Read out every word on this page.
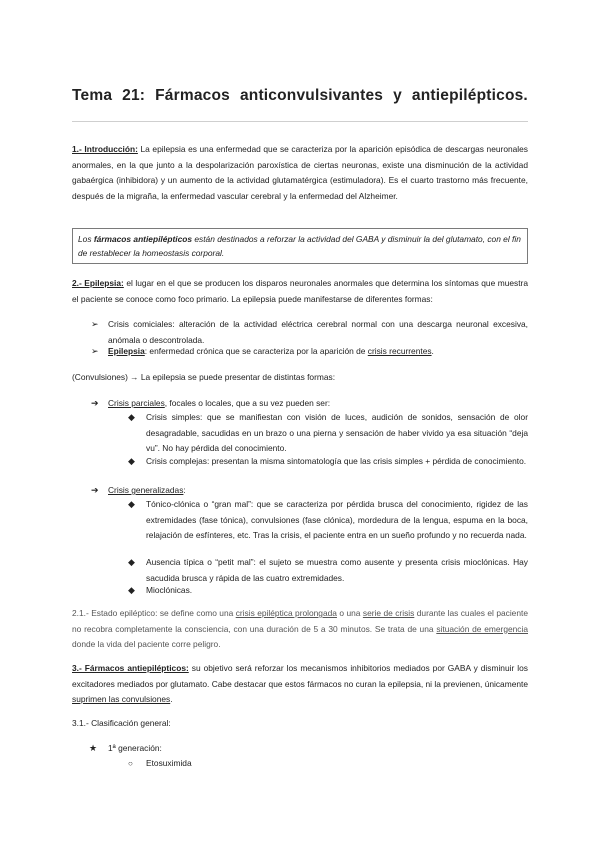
Tema 21: Fármacos anticonvulsivantes y antiepilépticos.
1.- Introducción: La epilepsia es una enfermedad que se caracteriza por la aparición episódica de descargas neuronales anormales, en la que junto a la despolarización paroxística de ciertas neuronas, existe una disminución de la actividad gabaérgica (inhibidora) y un aumento de la actividad glutamatérgica (estimuladora). Es el cuarto trastorno más frecuente, después de la migraña, la enfermedad vascular cerebral y la enfermedad del Alzheimer.
Los fármacos antiepilépticos están destinados a reforzar la actividad del GABA y disminuir la del glutamato, con el fin de restablecer la homeostasis corporal.
2.- Epilepsia: el lugar en el que se producen los disparos neuronales anormales que determina los síntomas que muestra el paciente se conoce como foco primario. La epilepsia puede manifestarse de diferentes formas:
➢ Crisis comiciales: alteración de la actividad eléctrica cerebral normal con una descarga neuronal excesiva, anómala o descontrolada.
➢ Epilepsia: enfermedad crónica que se caracteriza por la aparición de crisis recurrentes.
(Convulsiones) → La epilepsia se puede presentar de distintas formas:
➔ Crisis parciales, focales o locales, que a su vez pueden ser:
◆ Crisis simples: que se manifiestan con visión de luces, audición de sonidos, sensación de olor desagradable, sacudidas en un brazo o una pierna y sensación de haber vivido ya esa situación “deja vu”. No hay pérdida del conocimiento.
◆ Crisis complejas: presentan la misma sintomatología que las crisis simples + pérdida de conocimiento.
➔ Crisis generalizadas:
◆ Tónico-clónica o “gran mal”: que se caracteriza por pérdida brusca del conocimiento, rigidez de las extremidades (fase tónica), convulsiones (fase clónica), mordedura de la lengua, espuma en la boca, relajación de esfínteres, etc. Tras la crisis, el paciente entra en un sueño profundo y no recuerda nada.
◆ Ausencia típica o “petit mal”: el sujeto se muestra como ausente y presenta crisis mioclónicas. Hay sacudida brusca y rápida de las cuatro extremidades.
◆ Mioclónicas.
2.1.- Estado epiléptico: se define como una crisis epiléptica prolongada o una serie de crisis durante las cuales el paciente no recobra completamente la consciencia, con una duración de 5 a 30 minutos. Se trata de una situación de emergencia donde la vida del paciente corre peligro.
3.- Fármacos antiepilépticos: su objetivo será reforzar los mecanismos inhibitorios mediados por GABA y disminuir los excitadores mediados por glutamato. Cabe destacar que estos fármacos no curan la epilepsia, ni la previenen, únicamente suprimen las convulsiones.
3.1.- Clasificación general:
★ 1ª generación:
○ Etosuximida
